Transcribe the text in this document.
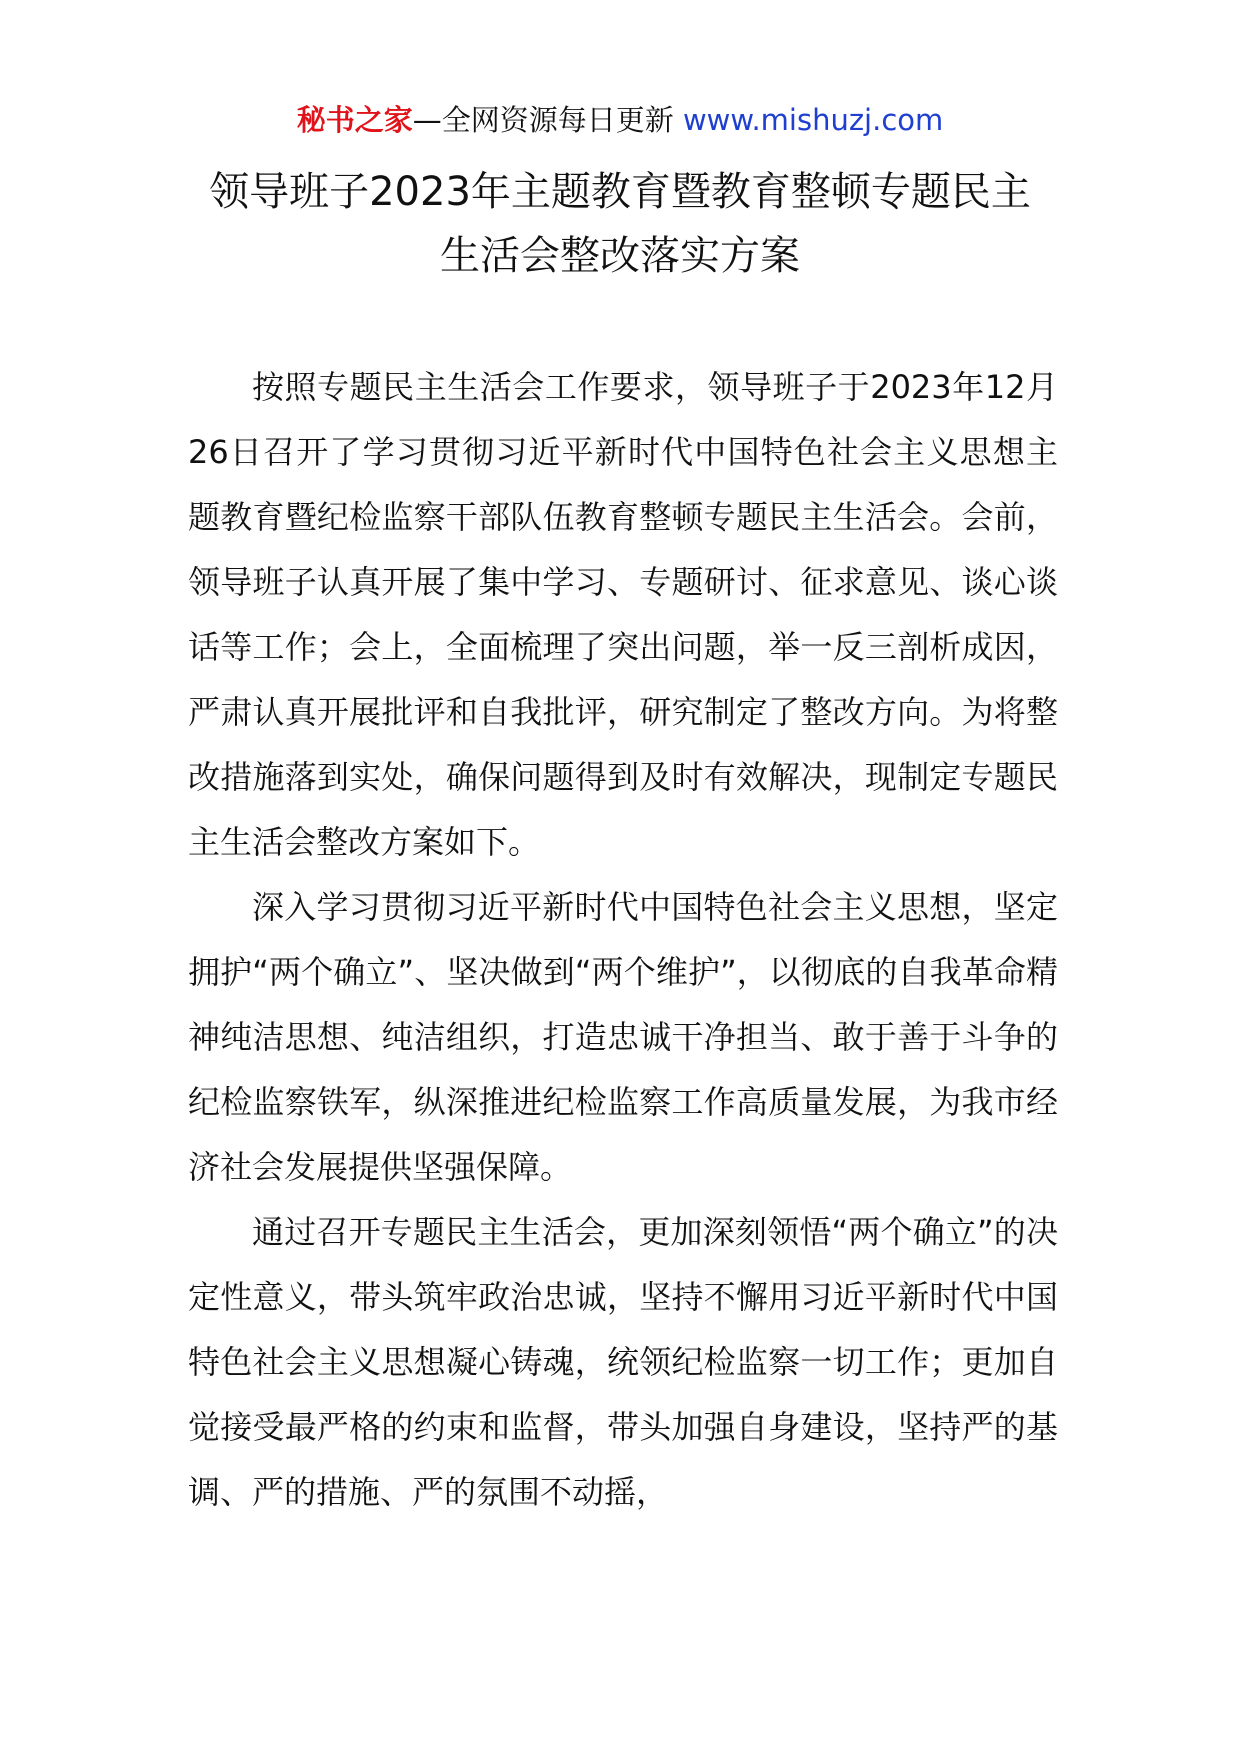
秘书之家—全网资源每日更新 www.mishuzj.com
领导班子2023年主题教育暨教育整顿专题民主
生活会整改落实方案

按照专题民主生活会工作要求，领导班子于2023年12月26日召开了学习贯彻习近平新时代中国特色社会主义思想主题教育暨纪检监察干部队伍教育整顿专题民主生活会。会前，领导班子认真开展了集中学习、专题研讨、征求意见、谈心谈话等工作；会上，全面梳理了突出问题，举一反三剖析成因，严肃认真开展批评和自我批评，研究制定了整改方向。为将整改措施落到实处，确保问题得到及时有效解决，现制定专题民主生活会整改方案如下。

深入学习贯彻习近平新时代中国特色社会主义思想，坚定拥护“两个确立”、坚决做到“两个维护”，以彻底的自我革命精神纯洁思想、纯洁组织，打造忠诚干净担当、敢于善于斗争的纪检监察铁军，纵深推进纪检监察工作高质量发展，为我市经济社会发展提供坚强保障。

通过召开专题民主生活会，更加深刻领悟“两个确立”的决定性意义，带头筑牢政治忠诚，坚持不懈用习近平新时代中国特色社会主义思想凝心铸魂，统领纪检监察一切工作；更加自觉接受最严格的约束和监督，带头加强自身建设，坚持严的基调、严的措施、严的氛围不动摇，
